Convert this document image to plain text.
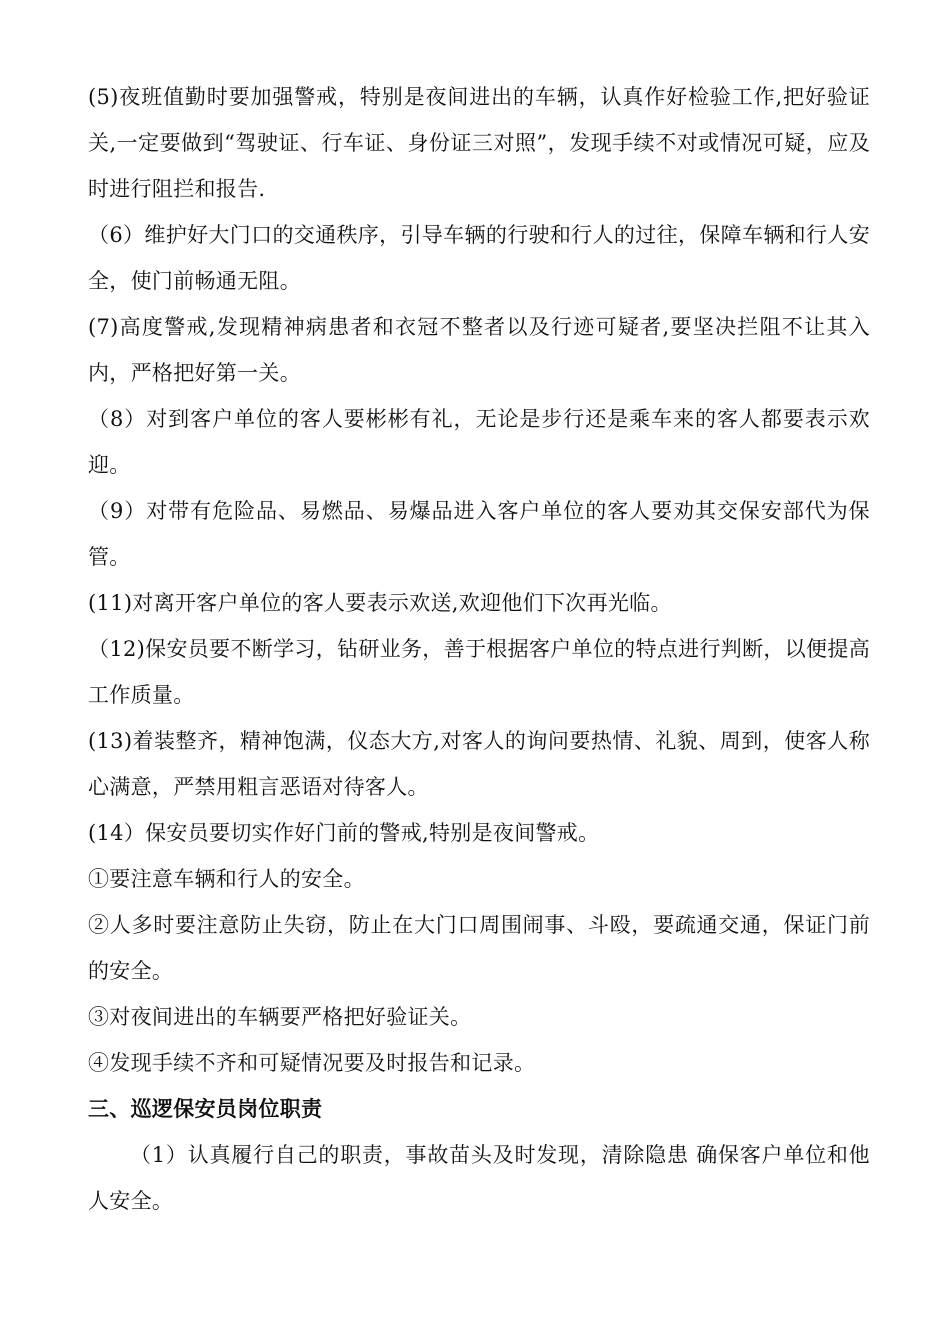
(5)夜班值勤时要加强警戒，特别是夜间进出的车辆，认真作好检验工作,把好验证关,一定要做到“驾驶证、行车证、身份证三对照”，发现手续不对或情况可疑，应及时进行阻拦和报告.

（6）维护好大门口的交通秩序，引导车辆的行驶和行人的过往，保障车辆和行人安全，使门前畅通无阻。

(7)高度警戒,发现精神病患者和衣冠不整者以及行迹可疑者,要坚决拦阻不让其入内，严格把好第一关。

（8）对到客户单位的客人要彬彬有礼，无论是步行还是乘车来的客人都要表示欢迎。

（9）对带有危险品、易燃品、易爆品进入客户单位的客人要劝其交保安部代为保管。

(11)对离开客户单位的客人要表示欢送,欢迎他们下次再光临。

（12)保安员要不断学习，钻研业务，善于根据客户单位的特点进行判断，以便提高工作质量。

(13)着装整齐，精神饱满，仪态大方,对客人的询问要热情、礼貌、周到，使客人称心满意，严禁用粗言恶语对待客人。

(14）保安员要切实作好门前的警戒,特别是夜间警戒。

①要注意车辆和行人的安全。

②人多时要注意防止失窃，防止在大门口周围闹事、斗殴，要疏通交通，保证门前的安全。

③对夜间进出的车辆要严格把好验证关。

④发现手续不齐和可疑情况要及时报告和记录。

三、巡逻保安员岗位职责

（1）认真履行自己的职责，事故苗头及时发现，清除隐患 确保客户单位和他人安全。
